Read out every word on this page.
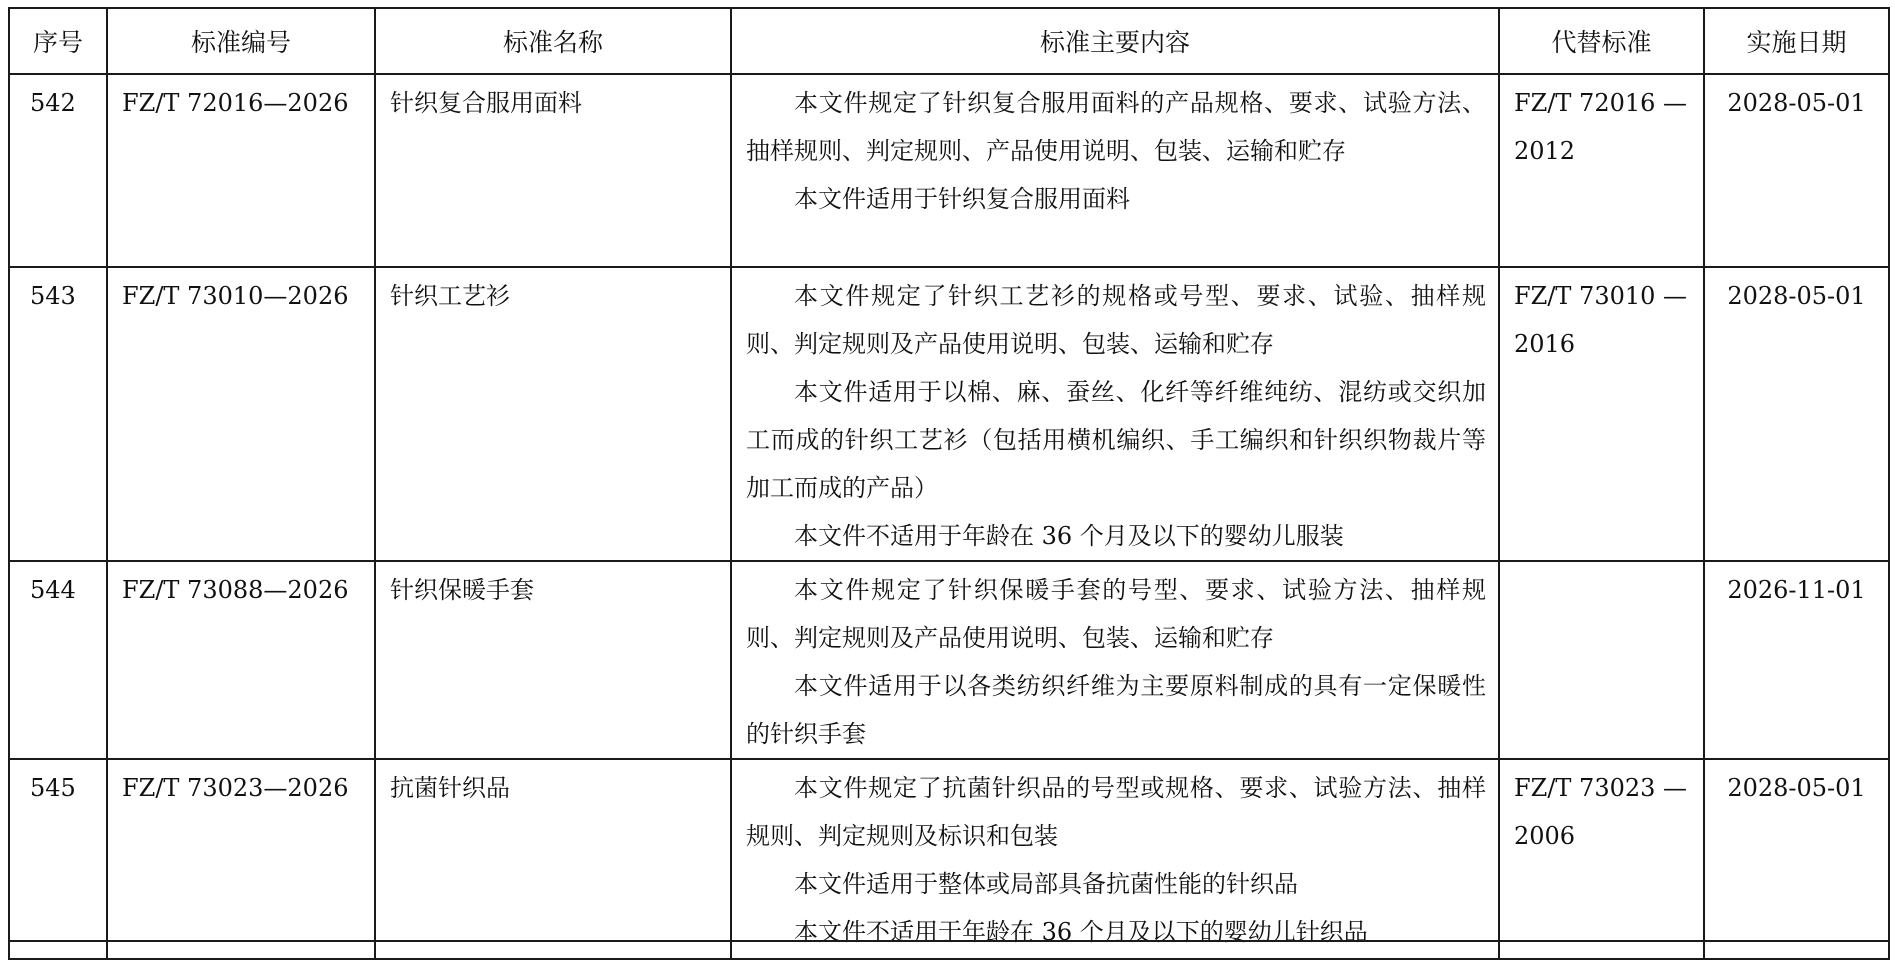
序号	标准编号	标准名称	标准主要内容	代替标准	实施日期
542	FZ/T 72016—2026	针织复合服用面料	本文件规定了针织复合服用面料的产品规格、要求、试验方法、抽样规则、判定规则、产品使用说明、包装、运输和贮存
本文件适用于针织复合服用面料	FZ/T 72016 — 2012	2028-05-01
543	FZ/T 73010—2026	针织工艺衫	本文件规定了针织工艺衫的规格或号型、要求、试验、抽样规则、判定规则及产品使用说明、包装、运输和贮存
本文件适用于以棉、麻、蚕丝、化纤等纤维纯纺、混纺或交织加工而成的针织工艺衫（包括用横机编织、手工编织和针织织物裁片等加工而成的产品）
本文件不适用于年龄在 36 个月及以下的婴幼儿服装	FZ/T 73010 — 2016	2028-05-01
544	FZ/T 73088—2026	针织保暖手套	本文件规定了针织保暖手套的号型、要求、试验方法、抽样规则、判定规则及产品使用说明、包装、运输和贮存
本文件适用于以各类纺织纤维为主要原料制成的具有一定保暖性的针织手套		2026-11-01
545	FZ/T 73023—2026	抗菌针织品	本文件规定了抗菌针织品的号型或规格、要求、试验方法、抽样规则、判定规则及标识和包装
本文件适用于整体或局部具备抗菌性能的针织品
本文件不适用于年龄在 36 个月及以下的婴幼儿针织品	FZ/T 73023 — 2006	2028-05-01
